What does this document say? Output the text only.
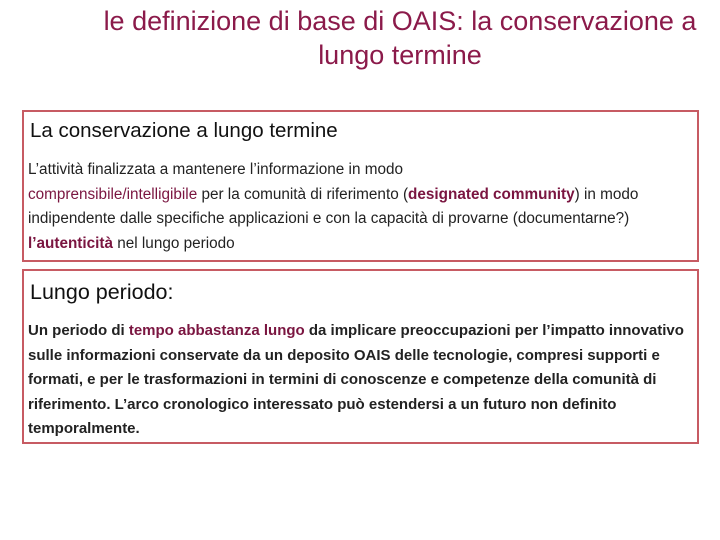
le definizione di base di OAIS: la conservazione a lungo termine
La conservazione a lungo termine
L’attività finalizzata a mantenere l’informazione in modo
comprensibile/intelligibile per la comunità di riferimento (designated community) in modo indipendente dalle specifiche applicazioni e con la capacità di provarne (documentarne?) l’autenticità nel lungo periodo
Lungo periodo:
Un periodo di tempo abbastanza lungo da implicare preoccupazioni per l’impatto innovativo sulle informazioni conservate da un deposito OAIS delle tecnologie, compresi supporti e formati, e per le trasformazioni in termini di conoscenze e competenze della comunità di riferimento. L’arco cronologico interessato può estendersi a un futuro non definito temporalmente.
